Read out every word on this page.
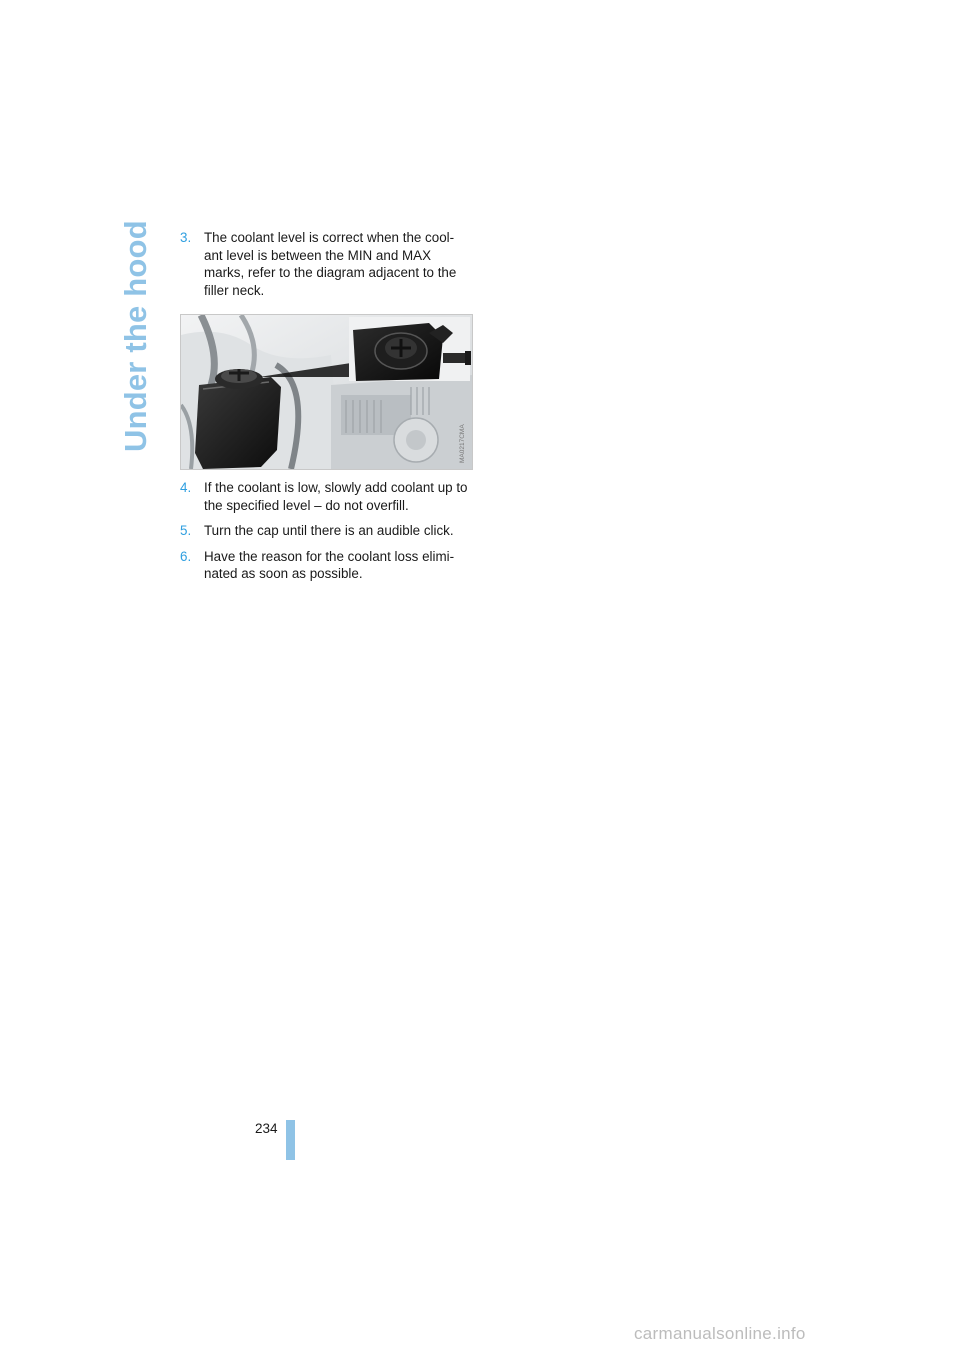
Under the hood 3. The coolant level is correct when the cool-
ant level is between the MIN and MAX
marks, refer to the diagram adjacent to the
filler neck.
MA0217CMA
4. If the coolant is low, slowly add coolant up to
the specified level – do not overfill.
5. Turn the cap until there is an audible click.
6. Have the reason for the coolant loss elimi-
nated as soon as possible.
234
carmanualsonline.info
